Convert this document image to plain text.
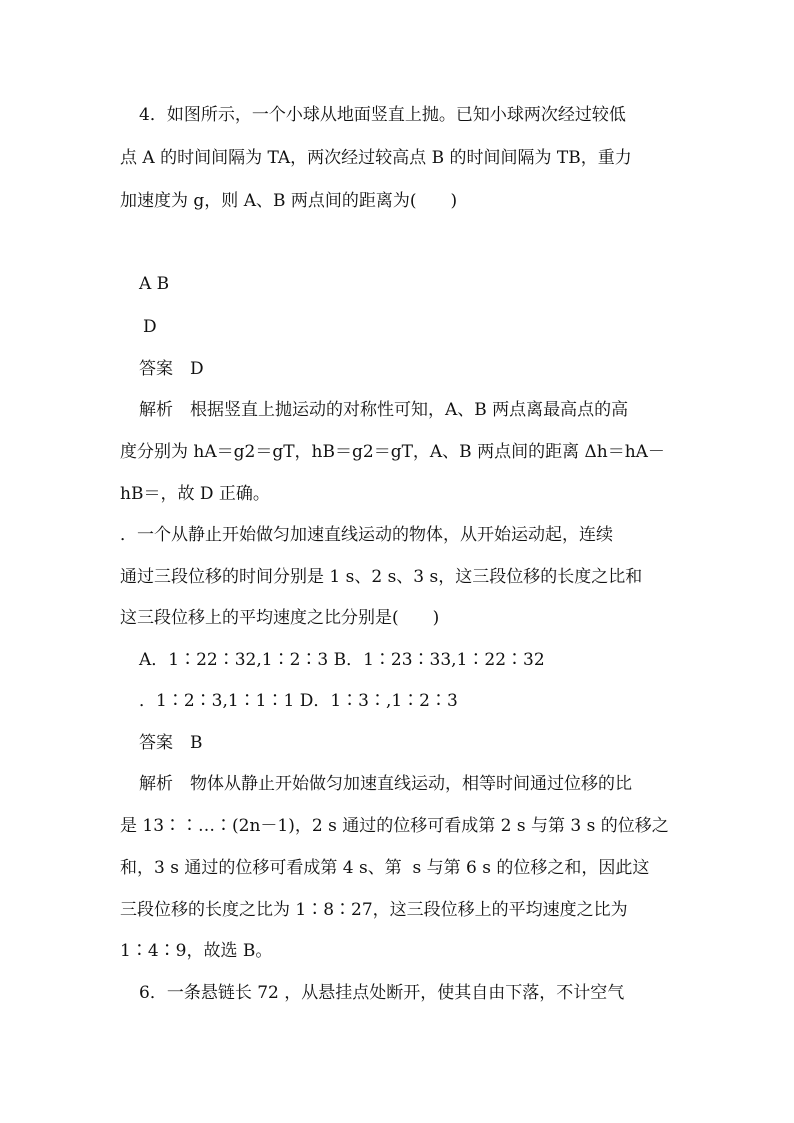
4．如图所示，一个小球从地面竖直上抛。已知小球两次经过较低
点 A 的时间间隔为 TA，两次经过较高点 B 的时间间隔为 TB，重力
加速度为 g，则 A、B 两点间的距离为(　　)
A B
D
答案　D
解析　根据竖直上抛运动的对称性可知，A、B 两点离最高点的高
度分别为 hA＝g2＝gT，hB＝g2＝gT，A、B 两点间的距离 Δh＝hA－
hB＝，故 D 正确。
．一个从静止开始做匀加速直线运动的物体，从开始运动起，连续
通过三段位移的时间分别是 1 s、2 s、3 s，这三段位移的长度之比和
这三段位移上的平均速度之比分别是(　　)
A．1∶22∶32,1∶2∶3 B．1∶23∶33,1∶22∶32
．1∶2∶3,1∶1∶1 D．1∶3∶,1∶2∶3
答案　B
解析　物体从静止开始做匀加速直线运动，相等时间通过位移的比
是 13∶∶…∶(2n－1)，2 s 通过的位移可看成第 2 s 与第 3 s 的位移之
和，3 s 通过的位移可看成第 4 s、第  s 与第 6 s 的位移之和，因此这
三段位移的长度之比为 1∶8∶27，这三段位移上的平均速度之比为
1∶4∶9，故选 B。
6．一条悬链长 72 ，从悬挂点处断开，使其自由下落，不计空气
